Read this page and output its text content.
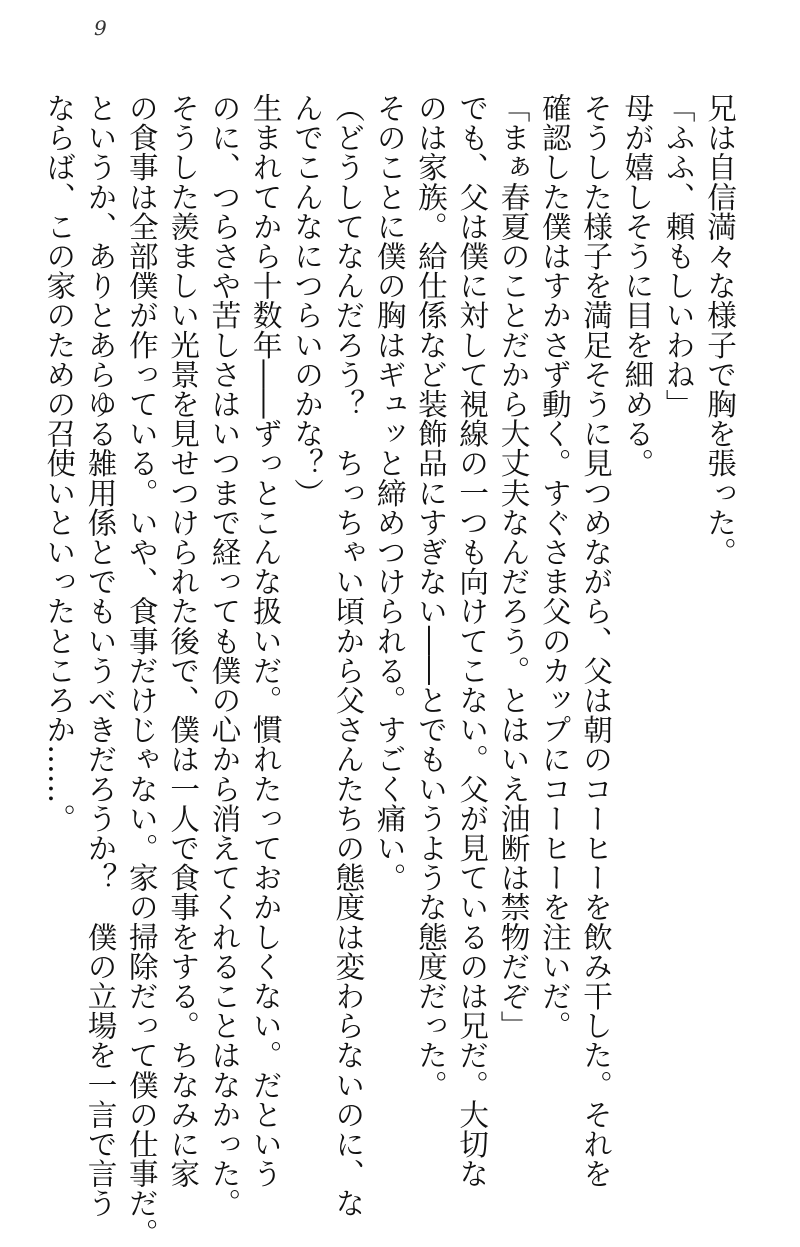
9
兄は自信満々な様子で胸を張った。
「ふふ、頼もしいわね」
母が嬉しそうに目を細める。
そうした様子を満足そうに見つめながら、父は朝のコーヒーを飲み干した。それを
確認した僕はすかさず動く。すぐさま父のカップにコーヒーを注いだ。
「まぁ春夏のことだから大丈夫なんだろう。とはいえ油断は禁物だぞ」
でも、父は僕に対して視線の一つも向けてこない。父が見ているのは兄だ。大切な
のは家族。給仕係など装飾品にすぎない――とでもいうような態度だった。
そのことに僕の胸はギュッと締めつけられる。すごく痛い。
（どうしてなんだろう？　ちっちゃい頃から父さんたちの態度は変わらないのに、な
んでこんなにつらいのかな？）
生まれてから十数年――ずっとこんな扱いだ。慣れたっておかしくない。だという
のに、つらさや苦しさはいつまで経っても僕の心から消えてくれることはなかった。
そうした羨ましい光景を見せつけられた後で、僕は一人で食事をする。ちなみに家
の食事は全部僕が作っている。いや、食事だけじゃない。家の掃除だって僕の仕事だ。
というか、ありとあらゆる雑用係とでもいうべきだろうか？　僕の立場を一言で言う
ならば、この家のための召使いといったところか……。
